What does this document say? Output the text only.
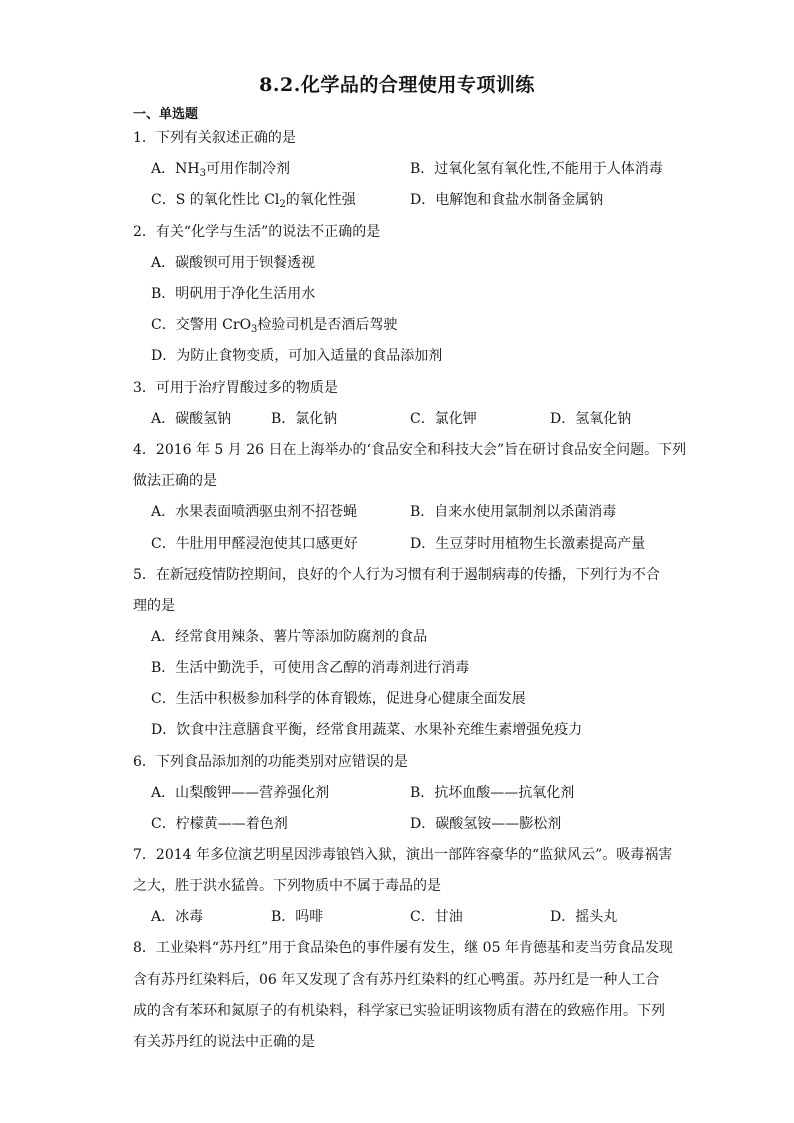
8.2.化学品的合理使用专项训练
一、单选题
1．下列有关叙述正确的是
A．$NH_3$可用作制冷剂	B．过氧化氢有氧化性,不能用于人体消毒
C．S 的氧化性比 $Cl_2$的氧化性强	D．电解饱和食盐水制备金属钠
2．有关“化学与生活”的说法不正确的是
A．碳酸钡可用于钡餐透视
B．明矾用于净化生活用水
C．交警用 CrO$_3$检验司机是否酒后驾驶
D．为防止食物变质，可加入适量的食品添加剂
3．可用于治疗胃酸过多的物质是
A．碳酸氢钠	B．氯化钠	C．氯化钾	D．氢氧化钠
4．2016 年 5 月 26 日在上海举办的‘食品安全和科技大会”旨在研讨食品安全问题。下列
做法正确的是
A．水果表面喷洒驱虫剂不招苍蝇	B．自来水使用氯制剂以杀菌消毒
C．牛肚用甲醛浸泡使其口感更好	D．生豆芽时用植物生长激素提高产量
5．在新冠疫情防控期间，良好的个人行为习惯有利于遏制病毒的传播，下列行为不合
理的是
A．经常食用辣条、薯片等添加防腐剂的食品
B．生活中勤洗手，可使用含乙醇的消毒剂进行消毒
C．生活中积极参加科学的体育锻炼，促进身心健康全面发展
D．饮食中注意膳食平衡，经常食用蔬菜、水果补充维生素增强免疫力
6．下列食品添加剂的功能类别对应错误的是
A．山梨酸钾——营养强化剂	B．抗坏血酸——抗氧化剂
C．柠檬黄——着色剂	D．碳酸氢铵——膨松剂
7．2014 年多位演艺明星因涉毒锒铛入狱，演出一部阵容豪华的“监狱风云”。吸毒祸害
之大，胜于洪水猛兽。下列物质中不属于毒品的是
A．冰毒	B．吗啡	C．甘油	D．摇头丸
8．工业染料“苏丹红”用于食品染色的事件屡有发生，继 05 年肯德基和麦当劳食品发现
含有苏丹红染料后，06 年又发现了含有苏丹红染料的红心鸭蛋。苏丹红是一种人工合
成的含有苯环和氮原子的有机染料，科学家已实验证明该物质有潜在的致癌作用。下列
有关苏丹红的说法中正确的是
